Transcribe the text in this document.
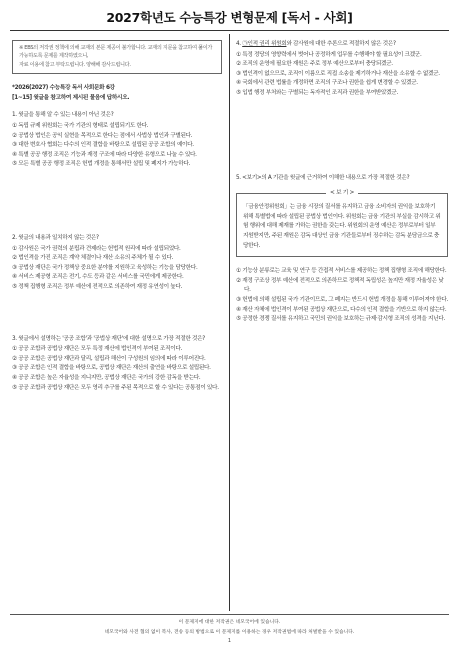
2027학년도 수능특강 변형문제 [독서 - 사회]

※ EBS의 저작권 정책에 의해 교재의 본문 제공이 불가합니다. 교재의 지문을 참고하여 풀이가 가능하도록 문제를 제작하였으니,

자료 이용에 참고 부탁드립니다. 양해해 감사드립니다.

*2026(2027) 수능특강 독서 사회문화 6강
[1~15] 윗글을 참고하여 제시된 물음에 답하시오.
1. 윗글을 통해 알 수 있는 내용이 아닌 것은?
① 독립 규제 위원회는 국가 기관의 형태로 설립되기도 한다.
② 공법상 법인은 공익 실현을 목적으로 한다는 점에서 사법상 법인과 구별된다.
③ 대한 변호사 협회는 다수의 인적 결합을 바탕으로 설립된 공공 조합의 예이다.
④ 특별 공공 행정 조직은 기능과 재정 구조에 따라 다양한 유형으로 나눌 수 있다.
⑤ 모든 특별 공공 행정 조직은 헌법 개정을 통해서만 설립 및 폐지가 가능하다.
2. 윗글의 내용과 일치하지 않는 것은?
① 감사원은 국가 권력의 분립과 견제라는 헌법적 원리에 따라 설립되었다.
② 법인격을 가진 조직은 계약 체결이나 재산 소유의 주체가 될 수 있다.
③ 공법상 재단은 국가 정책상 중요한 분야를 지원하고 육성하는 기능을 담당한다.
④ 서비스 제공형 조직은 전기, 수도 등과 같은 서비스를 국민에게 제공한다.
⑤ 정책 집행형 조직은 정부 예산에 전적으로 의존하여 재정 유연성이 높다.
3. 윗글에서 설명하는 '공공 조합'과 '공법상 재단'에 대한 설명으로 가장 적절한 것은?
① 공공 조합과 공법상 재단은 모두 특정 재산에 법인격이 부여된 조직이다.
② 공공 조합은 공법상 재단과 달리, 설립과 해산이 구성원의 임의에 따라 이루어진다.
③ 공공 조합은 인적 결합을 바탕으로, 공법상 재단은 재산의 출연을 바탕으로 설립된다.
④ 공공 조합은 높은 자율성을 지니지만, 공법상 재단은 국가의 강한 감독을 받는다.
⑤ 공공 조합과 공법상 재단은 모두 영리 추구를 주된 목적으로 할 수 있다는 공통점이 있다.
4. ㉠인적 권리 위원회와 감사원에 대한 추론으로 적절하지 않은 것은?
① 특정 정당의 영향력에서 벗어나 공정하게 업무를 수행해야 할 필요성이 크겠군.
② 조직의 운영에 필요한 재원은 주로 정부 예산으로부터 충당되겠군.
③ 법인격이 없으므로, 조직이 이름으로 직접 소송을 제기하거나 재산을 소유할 수 없겠군.
④ 국회에서 관련 법률을 개정하면 조직의 구조나 권한을 쉽게 변경할 수 있겠군.
⑤ 입법 행정 부처와는 구별되는 독자적인 조직과 권한을 부여받았겠군.
5. <보기>의 A 기관을 윗글에 근거하여 이해한 내용으로 가장 적절한 것은?
< 보 기 >
「금융안정위원회」는 금융 시장의 질서를 유지하고 금융 소비자의 권익을 보호하기 위해 특별법에 따라 설립된 공법상 법인이다. 위원회는 금융 기관의 부실을 감시하고 위험 행위에 대해 제재를 가하는 권한을 갖는다. 위원회의 운영 예산은 정부로부터 일부 지원받지만, 주된 재원은 감독 대상인 금융 기관들로부터 징수하는 감독 분담금으로 충당한다.
① 기능상 분류로는 교육 및 연구 등 간접적 서비스를 제공하는 정책 집행형 조직에 해당한다.
② 재정 구조상 정부 예산에 전적으로 의존하므로 정책적 독립성은 높지만 재정 자율성은 낮다.
③ 헌법에 의해 설립된 국가 기관이므로, 그 폐지는 반드시 헌법 개정을 통해 이루어져야 한다.
④ 재산 자체에 법인격이 부여된 공법상 재단으로, 다수의 인적 결합을 기반으로 하지 않는다.
⑤ 공정한 경쟁 질서를 유지하고 국민의 권익을 보호하는 규제·감시형 조직의 성격을 지닌다.
이 문제지에 대한 저작권은 네모국어에 있습니다.
네모국어와 사전 협의 없이 복사, 전송 등의 방법으로 이 문제지를 이용하는 경우 저작권법에 따라 처벌받을 수 있습니다.
1
